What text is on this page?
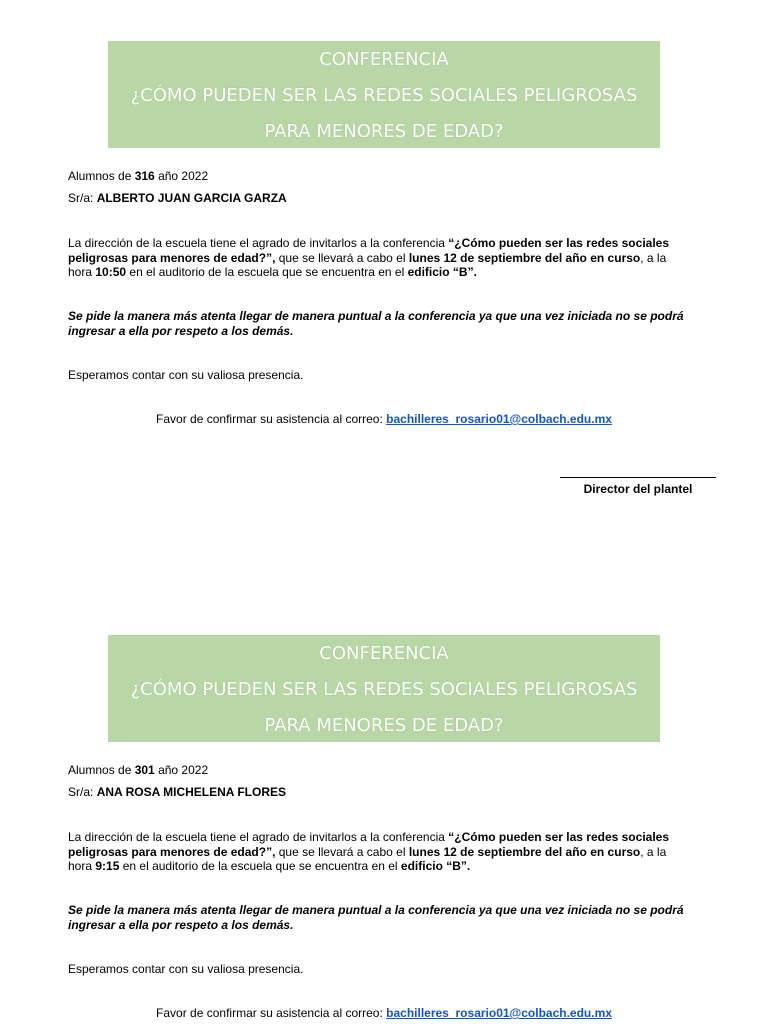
CONFERENCIA
¿CÓMO PUEDEN SER LAS REDES SOCIALES PELIGROSAS
PARA MENORES DE EDAD?
Alumnos de 316 año 2022
Sr/a: ALBERTO JUAN GARCIA GARZA
La dirección de la escuela tiene el agrado de invitarlos a la conferencia “¿Cómo pueden ser las redes sociales peligrosas para menores de edad?”, que se llevará a cabo el lunes 12 de septiembre del año en curso, a la hora 10:50 en el auditorio de la escuela que se encuentra en el edificio “B”.
Se pide la manera más atenta llegar de manera puntual a la conferencia ya que una vez iniciada no se podrá ingresar a ella por respeto a los demás.
Esperamos contar con su valiosa presencia.
Favor de confirmar su asistencia al correo: bachilleres_rosario01@colbach.edu.mx
Director del plantel
CONFERENCIA
¿CÓMO PUEDEN SER LAS REDES SOCIALES PELIGROSAS
PARA MENORES DE EDAD?
Alumnos de 301 año 2022
Sr/a: ANA ROSA MICHELENA FLORES
La dirección de la escuela tiene el agrado de invitarlos a la conferencia “¿Cómo pueden ser las redes sociales peligrosas para menores de edad?”, que se llevará a cabo el lunes 12 de septiembre del año en curso, a la hora 9:15 en el auditorio de la escuela que se encuentra en el edificio “B”.
Se pide la manera más atenta llegar de manera puntual a la conferencia ya que una vez iniciada no se podrá ingresar a ella por respeto a los demás.
Esperamos contar con su valiosa presencia.
Favor de confirmar su asistencia al correo: bachilleres_rosario01@colbach.edu.mx
